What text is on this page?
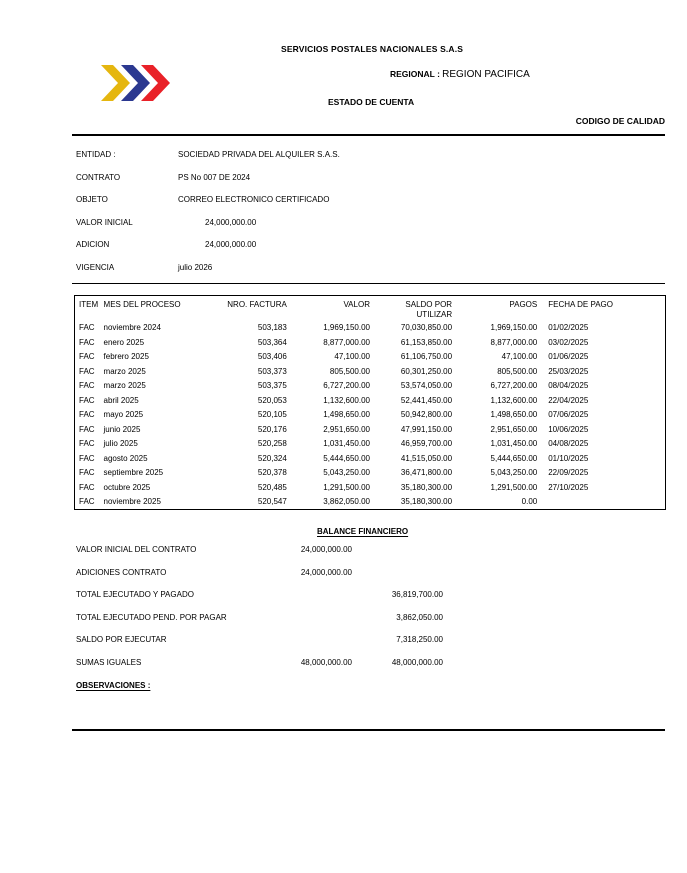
SERVICIOS POSTALES NACIONALES S.A.S
REGIONAL : REGION PACIFICA
ESTADO DE CUENTA
CODIGO DE CALIDAD
ENTIDAD :	SOCIEDAD PRIVADA DEL ALQUILER S.A.S.
CONTRATO	PS No 007 DE 2024
OBJETO	CORREO ELECTRONICO CERTIFICADO
VALOR INICIAL	24,000,000.00
ADICION	24,000,000.00
VIGENCIA	julio 2026
ITEM	MES DEL PROCESO	NRO. FACTURA	VALOR	SALDO POR UTILIZAR	PAGOS	FECHA DE PAGO
FAC	noviembre 2024	503,183	1,969,150.00	70,030,850.00	1,969,150.00	01/02/2025
FAC	enero 2025	503,364	8,877,000.00	61,153,850.00	8,877,000.00	03/02/2025
FAC	febrero 2025	503,406	47,100.00	61,106,750.00	47,100.00	01/06/2025
FAC	marzo 2025	503,373	805,500.00	60,301,250.00	805,500.00	25/03/2025
FAC	marzo 2025	503,375	6,727,200.00	53,574,050.00	6,727,200.00	08/04/2025
FAC	abril 2025	520,053	1,132,600.00	52,441,450.00	1,132,600.00	22/04/2025
FAC	mayo 2025	520,105	1,498,650.00	50,942,800.00	1,498,650.00	07/06/2025
FAC	junio 2025	520,176	2,951,650.00	47,991,150.00	2,951,650.00	10/06/2025
FAC	julio 2025	520,258	1,031,450.00	46,959,700.00	1,031,450.00	04/08/2025
FAC	agosto 2025	520,324	5,444,650.00	41,515,050.00	5,444,650.00	01/10/2025
FAC	septiembre 2025	520,378	5,043,250.00	36,471,800.00	5,043,250.00	22/09/2025
FAC	octubre 2025	520,485	1,291,500.00	35,180,300.00	1,291,500.00	27/10/2025
FAC	noviembre 2025	520,547	3,862,050.00	35,180,300.00	0.00	
BALANCE FINANCIERO
VALOR INICIAL DEL CONTRATO	24,000,000.00
ADICIONES CONTRATO	24,000,000.00
TOTAL EJECUTADO Y PAGADO	36,819,700.00
TOTAL EJECUTADO PEND. POR PAGAR	3,862,050.00
SALDO POR EJECUTAR	7,318,250.00
SUMAS IGUALES	48,000,000.00	48,000,000.00
OBSERVACIONES :
